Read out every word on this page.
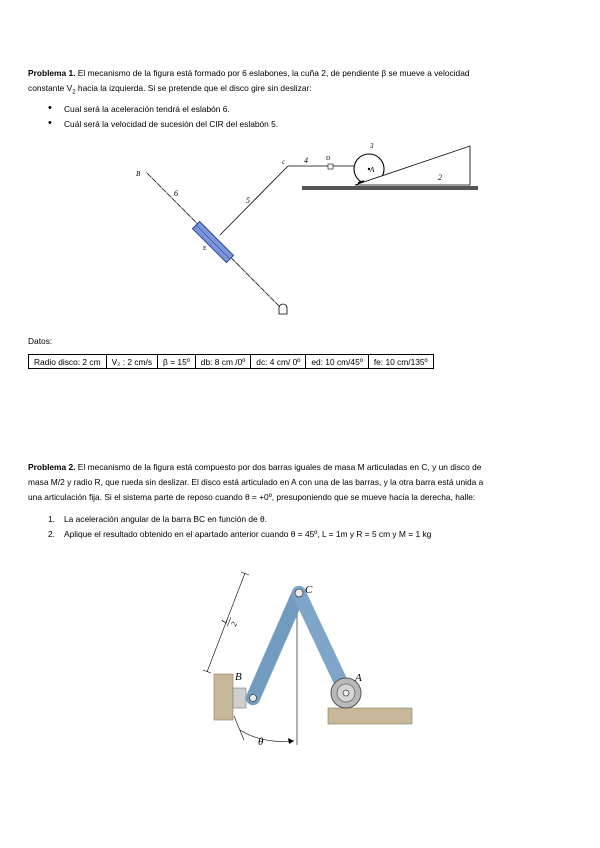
Problema 1. El mecanismo de la figura está formado por 6 eslabones, la cuña 2, de pendiente β se mueve a velocidad
constante $V_2$ hacia la izquierda. Si se pretende que el disco gire sin deslizar:
• Cual será la aceleración tendrá el eslabón 6.
• Cuál será la velocidad de sucesión del CIR del eslabón 5.
B
6
5
c 4	D
3
A
2
E
Datos:
Radio disco: 2 cm	V₂ : 2 cm/s	β = 15º	db: 8 cm /0º	dc: 4 cm/ 0º	ed: 10 cm/45º	fe: 10 cm/135º
Problema 2. El mecanismo de la figura está compuesto por dos barras iguales de masa M articuladas en C, y un disco de
masa M/2 y radio R, que rueda sin deslizar. El disco está articulado en A con una de las barras, y la otra barra está unida a
una articulación fija. Si el sistema parte de reposo cuando θ = +0º, presuponiendo que se mueve hacia la derecha, halle:
1. La aceleración angular de la barra BC en función de θ.
2. Aplique el resultado obtenido en el apartado anterior cuando θ = 45º, L = 1m y R = 5 cm y M = 1 kg
C
B	A
θ
L 2
